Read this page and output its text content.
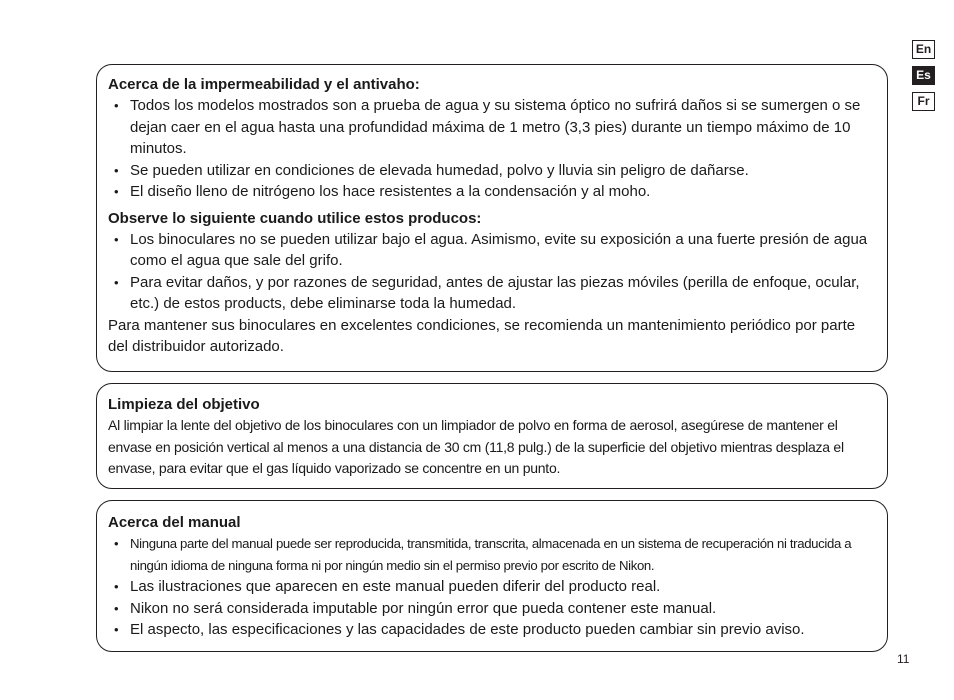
En
Es
Fr

Acerca de la impermeabilidad y el antivaho:

• Todos los modelos mostrados son a prueba de agua y su sistema óptico no sufrirá daños si se sumergen o se dejan caer en el agua hasta una profundidad máxima de 1 metro (3,3 pies) durante un tiempo máximo de 10 minutos.
• Se pueden utilizar en condiciones de elevada humedad, polvo y lluvia sin peligro de dañarse.
• El diseño lleno de nitrógeno los hace resistentes a la condensación y al moho.

Observe lo siguiente cuando utilice estos producos:

• Los binoculares no se pueden utilizar bajo el agua. Asimismo, evite su exposición a una fuerte presión de agua como el agua que sale del grifo.
• Para evitar daños, y por razones de seguridad, antes de ajustar las piezas móviles (perilla de enfoque, ocular, etc.) de estos products, debe eliminarse toda la humedad.

Para mantener sus binoculares en excelentes condiciones, se recomienda un mantenimiento periódico por parte del distribuidor autorizado.

Limpieza del objetivo

Al limpiar la lente del objetivo de los binoculares con un limpiador de polvo en forma de aerosol, asegúrese de mantener el envase en posición vertical al menos a una distancia de 30 cm (11,8 pulg.) de la superficie del objetivo mientras desplaza el envase, para evitar que el gas líquido vaporizado se concentre en un punto.

Acerca del manual

• Ninguna parte del manual puede ser reproducida, transmitida, transcrita, almacenada en un sistema de recuperación ni traducida a ningún idioma de ninguna forma ni por ningún medio sin el permiso previo por escrito de Nikon.
• Las ilustraciones que aparecen en este manual pueden diferir del producto real.
• Nikon no será considerada imputable por ningún error que pueda contener este manual.
• El aspecto, las especificaciones y las capacidades de este producto pueden cambiar sin previo aviso.
11
